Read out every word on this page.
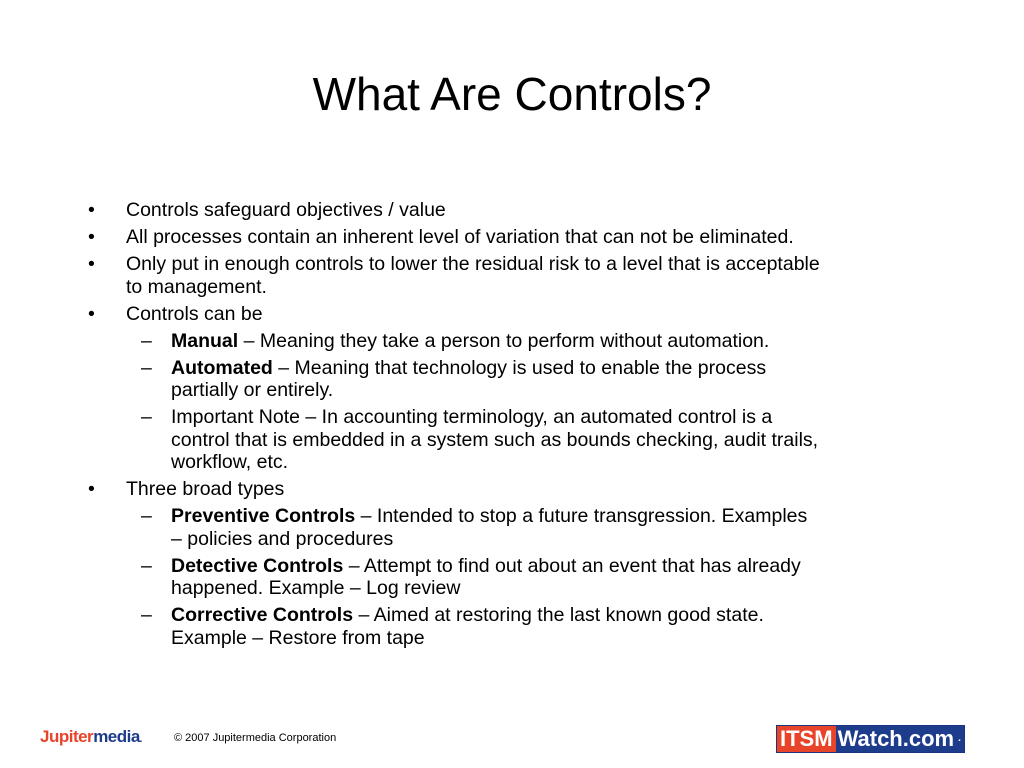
What Are Controls?
• Controls safeguard objectives / value
• All processes contain an inherent level of variation that can not be eliminated.
• Only put in enough controls to lower the residual risk to a level that is acceptable
to management.
• Controls can be
– Manual – Meaning they take a person to perform without automation.
– Automated – Meaning that technology is used to enable the process
partially or entirely.
– Important Note – In accounting terminology, an automated control is a
control that is embedded in a system such as bounds checking, audit trails,
workflow, etc.
• Three broad types
– Preventive Controls – Intended to stop a future transgression. Examples
– policies and procedures
– Detective Controls – Attempt to find out about an event that has already
happened. Example – Log review
– Corrective Controls – Aimed at restoring the last known good state.
Example – Restore from tape
Jupitermedia.	© 2007 Jupitermedia Corporation	ITSM Watch.com .
